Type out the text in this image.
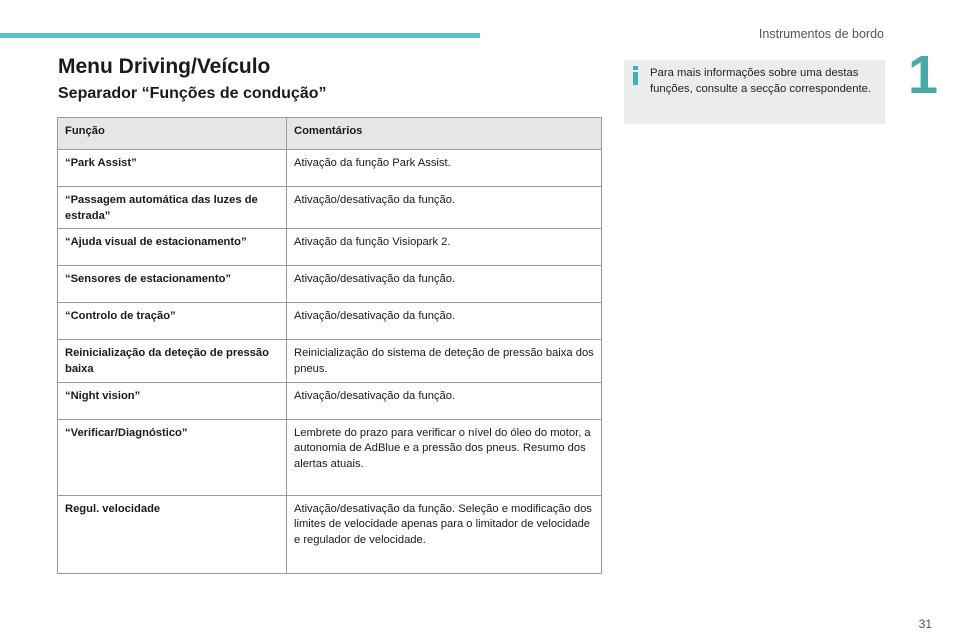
Instrumentos de bordo
1
Menu Driving/Veículo
Separador “Funções de condução”
Para mais informações sobre uma destas funções, consulte a secção correspondente.
Função	Comentários
“Park Assist”	Ativação da função Park Assist.
“Passagem automática das luzes de estrada”	Ativação/desativação da função.
“Ajuda visual de estacionamento”	Ativação da função Visiopark 2.
“Sensores de estacionamento”	Ativação/desativação da função.
“Controlo de tração”	Ativação/desativação da função.
Reinicialização da deteção de pressão baixa	Reinicialização do sistema de deteção de pressão baixa dos pneus.
“Night vision”	Ativação/desativação da função.
“Verificar/Diagnóstico”	Lembrete do prazo para verificar o nível do óleo do motor, a autonomia de AdBlue e a pressão dos pneus. Resumo dos alertas atuais.
Regul. velocidade	Ativação/desativação da função. Seleção e modificação dos limites de velocidade apenas para o limitador de velocidade e regulador de velocidade.
31
